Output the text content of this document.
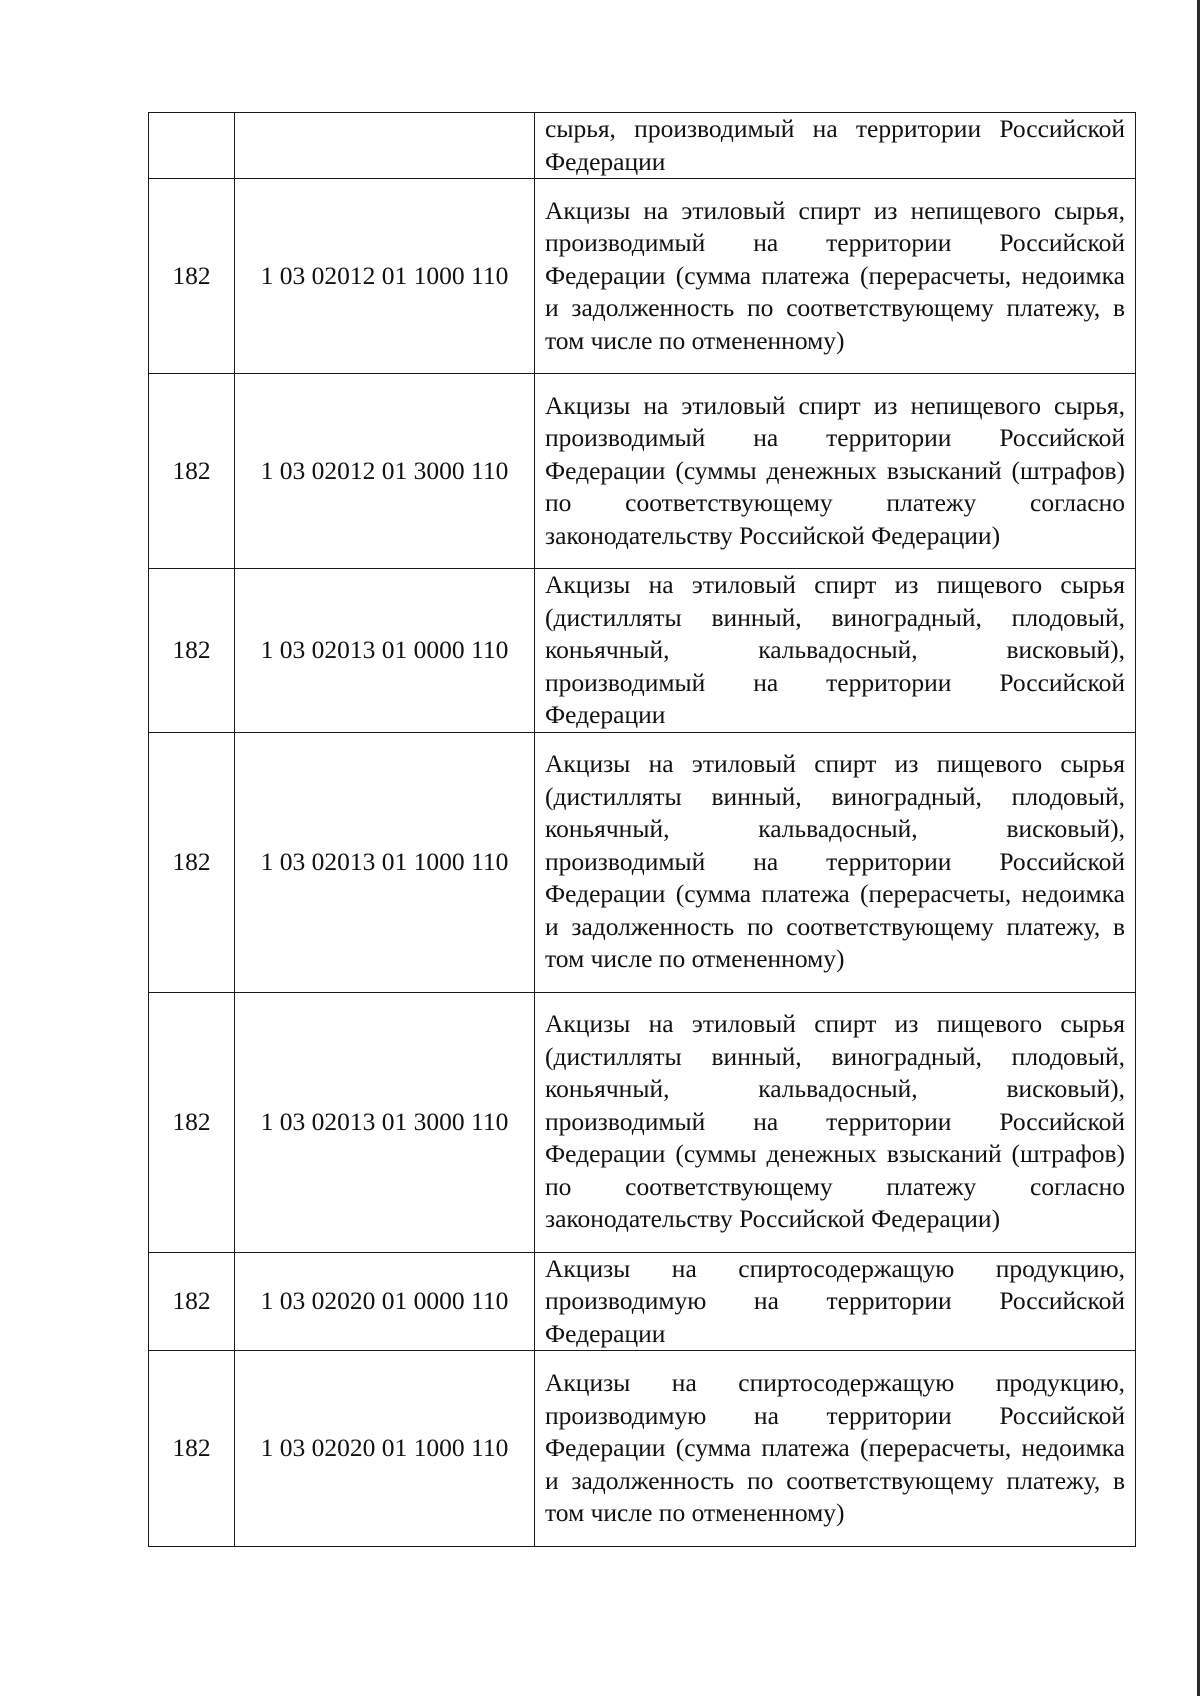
		сырья, производимый на территории Российской Федерации
182	1 03 02012 01 1000 110	Акцизы на этиловый спирт из непищевого сырья, производимый на территории Российской Федерации (сумма платежа (перерасчеты, недоимка и задолженность по соответствующему платежу, в том числе по отмененному)
182	1 03 02012 01 3000 110	Акцизы на этиловый спирт из непищевого сырья, производимый на территории Российской Федерации (суммы денежных взысканий (штрафов) по соответствующему платежу согласно законодательству Российской Федерации)
182	1 03 02013 01 0000 110	Акцизы на этиловый спирт из пищевого сырья (дистилляты винный, виноградный, плодовый, коньячный, кальвадосный, висковый), производимый на территории Российской Федерации
182	1 03 02013 01 1000 110	Акцизы на этиловый спирт из пищевого сырья (дистилляты винный, виноградный, плодовый, коньячный, кальвадосный, висковый), производимый на территории Российской Федерации (сумма платежа (перерасчеты, недоимка и задолженность по соответствующему платежу, в том числе по отмененному)
182	1 03 02013 01 3000 110	Акцизы на этиловый спирт из пищевого сырья (дистилляты винный, виноградный, плодовый, коньячный, кальвадосный, висковый), производимый на территории Российской Федерации (суммы денежных взысканий (штрафов) по соответствующему платежу согласно законодательству Российской Федерации)
182	1 03 02020 01 0000 110	Акцизы на спиртосодержащую продукцию, производимую на территории Российской Федерации
182	1 03 02020 01 1000 110	Акцизы на спиртосодержащую продукцию, производимую на территории Российской Федерации (сумма платежа (перерасчеты, недоимка и задолженность по соответствующему платежу, в том числе по отмененному)
